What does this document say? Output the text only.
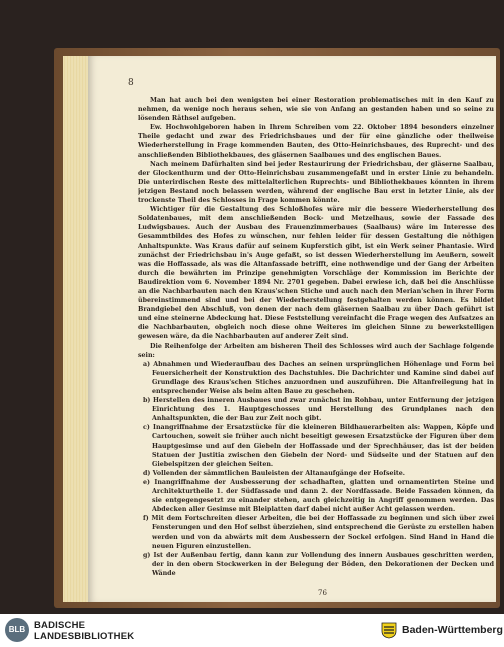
8

Man hat auch bei den wenigsten bei einer Restoration problematisches mit in den Kauf zu nehmen, da wenige noch heraus sehen, wie sie von Anfang an gestanden haben und so seine zu lösenden Räthsel aufgeben.

Ew. Hochwohlgeboren haben in Ihrem Schreiben vom 22. Oktober 1894 besonders einzelner Theile gedacht und zwar des Friedrichsbaues und der für eine gänzliche oder theilweise Wiederherstellung in Frage kommenden Bauten, des Otto-Heinrichsbaues, des Ruprecht- und des anschließenden Bibliothekbaues, des gläsernen Saalbaues und des englischen Baues.

Nach meinem Dafürhalten sind bei jeder Restaurirung der Friedrichsbau, der gläserne Saalbau, der Glockenthurm und der Otto-Heinrichsbau zusammengefaßt und in erster Linie zu behandeln. Die unterirdischen Reste des mittelalterlichen Ruprechts- und Bibliothekbaues könnten in ihrem jetzigen Bestand noch belassen werden, während der englische Bau erst in letzter Linie, als der trockenste Theil des Schlosses in Frage kommen könnte.

Wichtiger für die Gestaltung des Schloßhofes wäre mir die bessere Wiederherstellung des Soldatenbaues, mit dem anschließenden Bock- und Metzelhaus, sowie der Fassade des Ludwigsbaues. Auch der Ausbau des Frauenzimmerbaues (Saalbaus) wäre im Interesse des Gesammtbildes des Hofes zu wünschen, nur fehlen leider für dessen Gestaltung die nöthigen Anhaltspunkte. Was Kraus dafür auf seinem Kupferstich gibt, ist ein Werk seiner Phantasie. Wird zunächst der Friedrichsbau in's Auge gefaßt, so ist dessen Wiederherstellung im Aeußern, soweit was die Hoffassade, als was die Altanfassade betrifft, eine nothwendige und der Gang der Arbeiten durch die bewährten im Prinzipe genehmigten Vorschläge der Kommission im Berichte der Baudirektion vom 6. November 1894 Nr. 2701 gegeben. Dabei erwiese ich, daß bei die Anschlüsse an die Nachbarbauten nach den Kraus'schen Stiche und auch nach den Merian'schen in ihrer Form übereinstimmend sind und bei der Wiederherstellung festgehalten werden können. Es bildet Brandgiebel den Abschluß, von denen der nach dem gläsernen Saalbau zu über Dach geführt ist und eine steinerne Abdeckung hat. Diese Feststellung vereinfacht die Frage wegen des Aufsatzes an die Nachbarbauten, obgleich noch diese ohne Weiteres im gleichen Sinne zu bewerkstelligen gewesen wäre, da die Nachbarbauten auf anderer Zeit sind.

Die Reihenfolge der Arbeiten am bisheren Theil des Schlosses wird auch der Sachlage folgende sein:

a) Abnahmen und Wiederaufbau des Daches an seinen ursprünglichen Höhenlage und Form bei Feuersicherheit der Konstruktion des Dachstuhles. Die Dachrichter und Kamine sind dabei auf Grundlage des Kraus'schen Stiches anzuordnen und auszuführen. Die Altanfreilegung hat in entsprechender Weise als beim alten Baue zu geschehen.

b) Herstellen des inneren Ausbaues und zwar zunächst im Rohbau, unter Entfernung der jetzigen Einrichtung des 1. Hauptgeschosses und Herstellung des Grundplanes nach den Anhaltspunkten, die der Bau zur Zeit noch gibt.

c) Inangriffnahme der Ersatzstücke für die kleineren Bildhauerarbeiten als: Wappen, Köpfe und Cartouchen, soweit sie früher auch nicht beseitigt gewesen Ersatzstücke der Figuren über dem Hauptgesimse und auf den Giebeln der Hoffassade und der Sprechhäuser, das ist der beiden Statuen der Justitia zwischen den Giebeln der Nord- und Südseite und der Statuen auf den Giebelspitzen der gleichen Seiten.

d) Vollenden der sämmtlichen Bauleisten der Altanaufgänge der Hofseite.

e) Inangriffnahme der Ausbesserung der schadhaften, glatten und ornamentirten Steine und Architekturtheile 1. der Südfassade und dann 2. der Nordfassade. Beide Fassaden können, da sie entgegengesetzt zu einander stehen, auch gleichzeitig in Angriff genommen werden. Das Abdecken aller Gesimse mit Bleiplatten darf dabei nicht außer Acht gelassen werden.

f) Mit dem Fortschreiten dieser Arbeiten, die bei der Hoffassade zu beginnen und sich über zwei Fensterungen und den Hof selbst überziehen, sind entsprechend die Gerüste zu erstellen haben werden und von da abwärts mit dem Ausbessern der Sockel erfolgen. Sind Hand in Hand die neuen Figuren einzustellen.

g) Ist der Außenbau fertig, dann kann zur Vollendung des innern Ausbaues geschritten werden, der in den obern Stockwerken in der Belegung der Böden, den Dekorationen der Decken und Wände

76
BLB BADISCHE
LANDESBIBLIOTHEK
Baden-Württemberg
